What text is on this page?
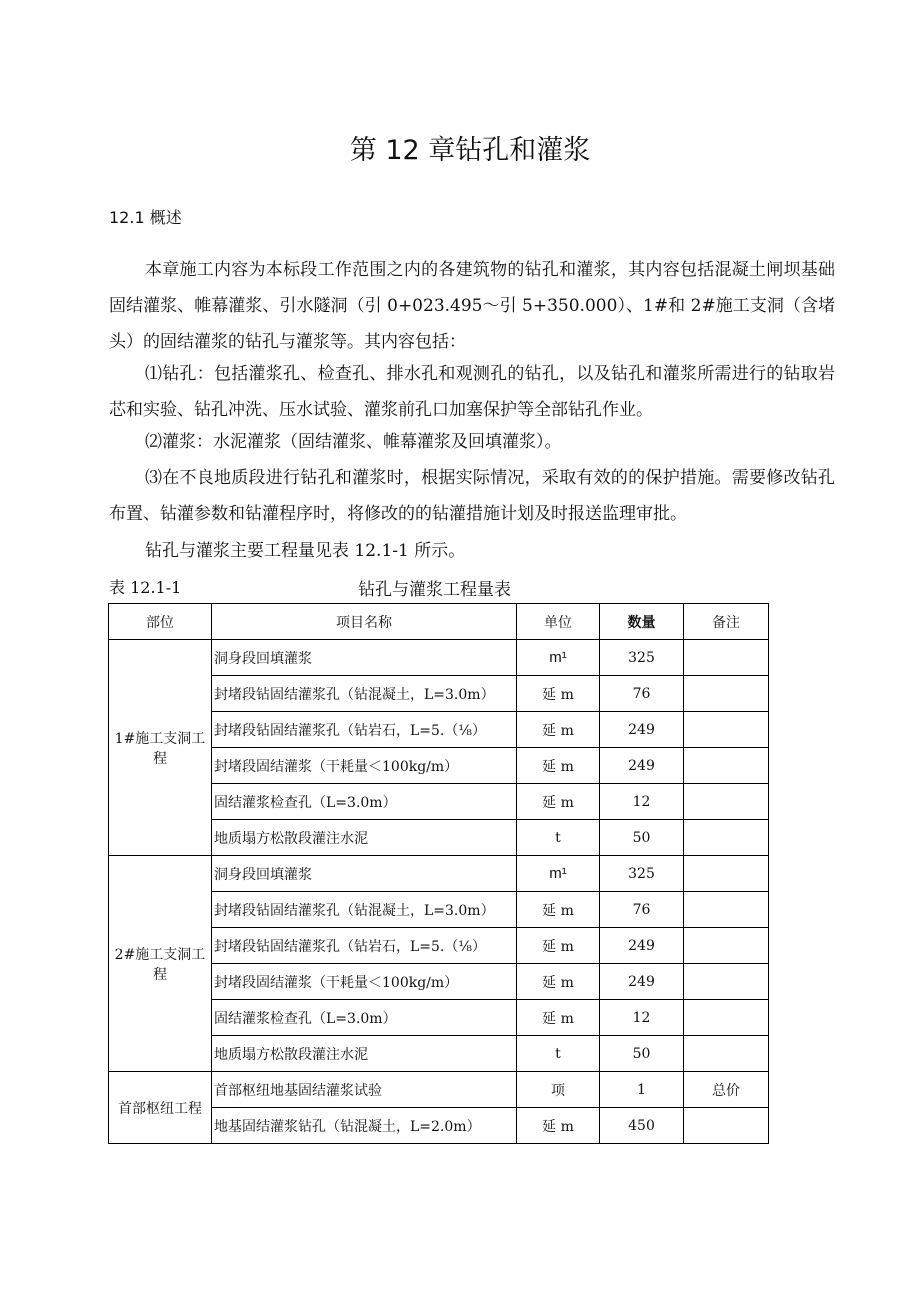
第 12 章钻孔和灌浆
12.1 概述

本章施工内容为本标段工作范围之内的各建筑物的钻孔和灌浆，其内容包括混凝土闸坝基础固结灌浆、帷幕灌浆、引水隧洞（引 0+023.495～引 5+350.000）、1#和 2#施工支洞（含堵头）的固结灌浆的钻孔与灌浆等。其内容包括：

⑴钻孔：包括灌浆孔、检查孔、排水孔和观测孔的钻孔，以及钻孔和灌浆所需进行的钻取岩芯和实验、钻孔冲洗、压水试验、灌浆前孔口加塞保护等全部钻孔作业。

⑵灌浆：水泥灌浆（固结灌浆、帷幕灌浆及回填灌浆）。

⑶在不良地质段进行钻孔和灌浆时，根据实际情况，采取有效的的保护措施。需要修改钻孔布置、钻灌参数和钻灌程序时，将修改的的钻灌措施计划及时报送监理审批。

钻孔与灌浆主要工程量见表 12.1-1 所示。

表 12.1-1	钻孔与灌浆工程量表
部位	项目名称	单位	数量	备注
1#施工支洞工程	洞身段回填灌浆	m¹	325	
	封堵段钻固结灌浆孔（钻混凝土，L=3.0m）	延 m	76	
	封堵段钻固结灌浆孔（钻岩石，L=5.（⅛）	延 m	249	
	封堵段固结灌浆（干耗量＜100kg∕m）	延 m	249	
	固结灌浆检查孔（L=3.0m）	延 m	12	
	地质塌方松散段灌注水泥	t	50	
2#施工支洞工程	洞身段回填灌浆	m¹	325	
	封堵段钻固结灌浆孔（钻混凝土，L=3.0m）	延 m	76	
	封堵段钻固结灌浆孔（钻岩石，L=5.（⅛）	延 m	249	
	封堵段固结灌浆（干耗量＜100kg∕m）	延 m	249	
	固结灌浆检查孔（L=3.0m）	延 m	12	
	地质塌方松散段灌注水泥	t	50	
首部枢纽工程	首部枢纽地基固结灌浆试验	项	1	总价
	地基固结灌浆钻孔（钻混凝土，L=2.0m）	延 m	450	
